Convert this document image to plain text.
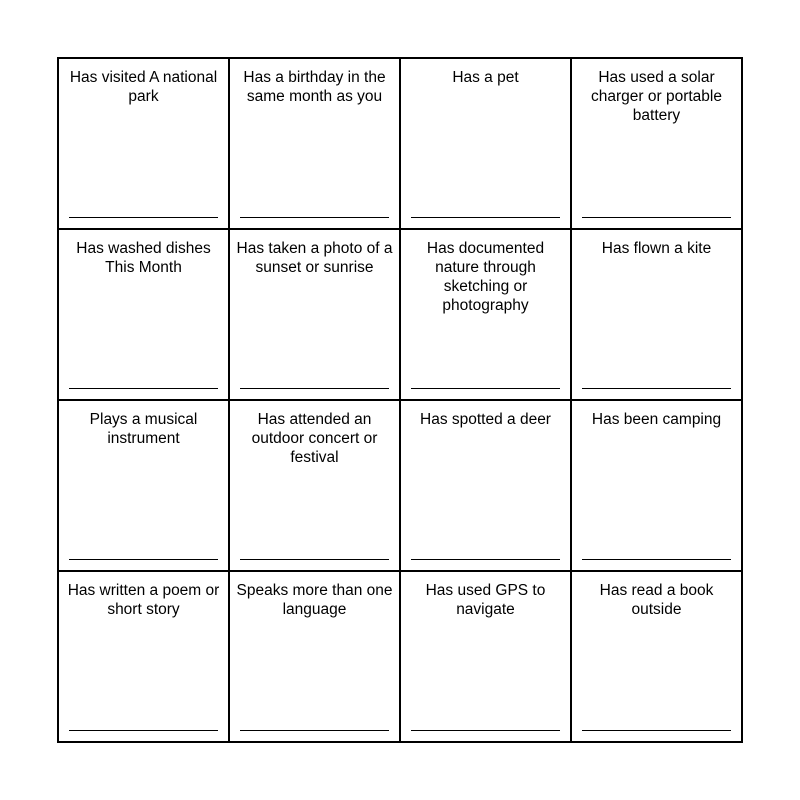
Has visited A national park
Has a birthday in the same month as you
Has a pet	Has used a solar charger or portable battery
Has washed dishes This Month
Has taken a photo of a sunset or sunrise
Has documented nature through sketching or photography
Has flown a kite
Plays a musical instrument
Has attended an outdoor concert or festival
Has spotted a deer	Has been camping
Has written a poem or short story
Speaks more than one language
Has used GPS to navigate
Has read a book outside
